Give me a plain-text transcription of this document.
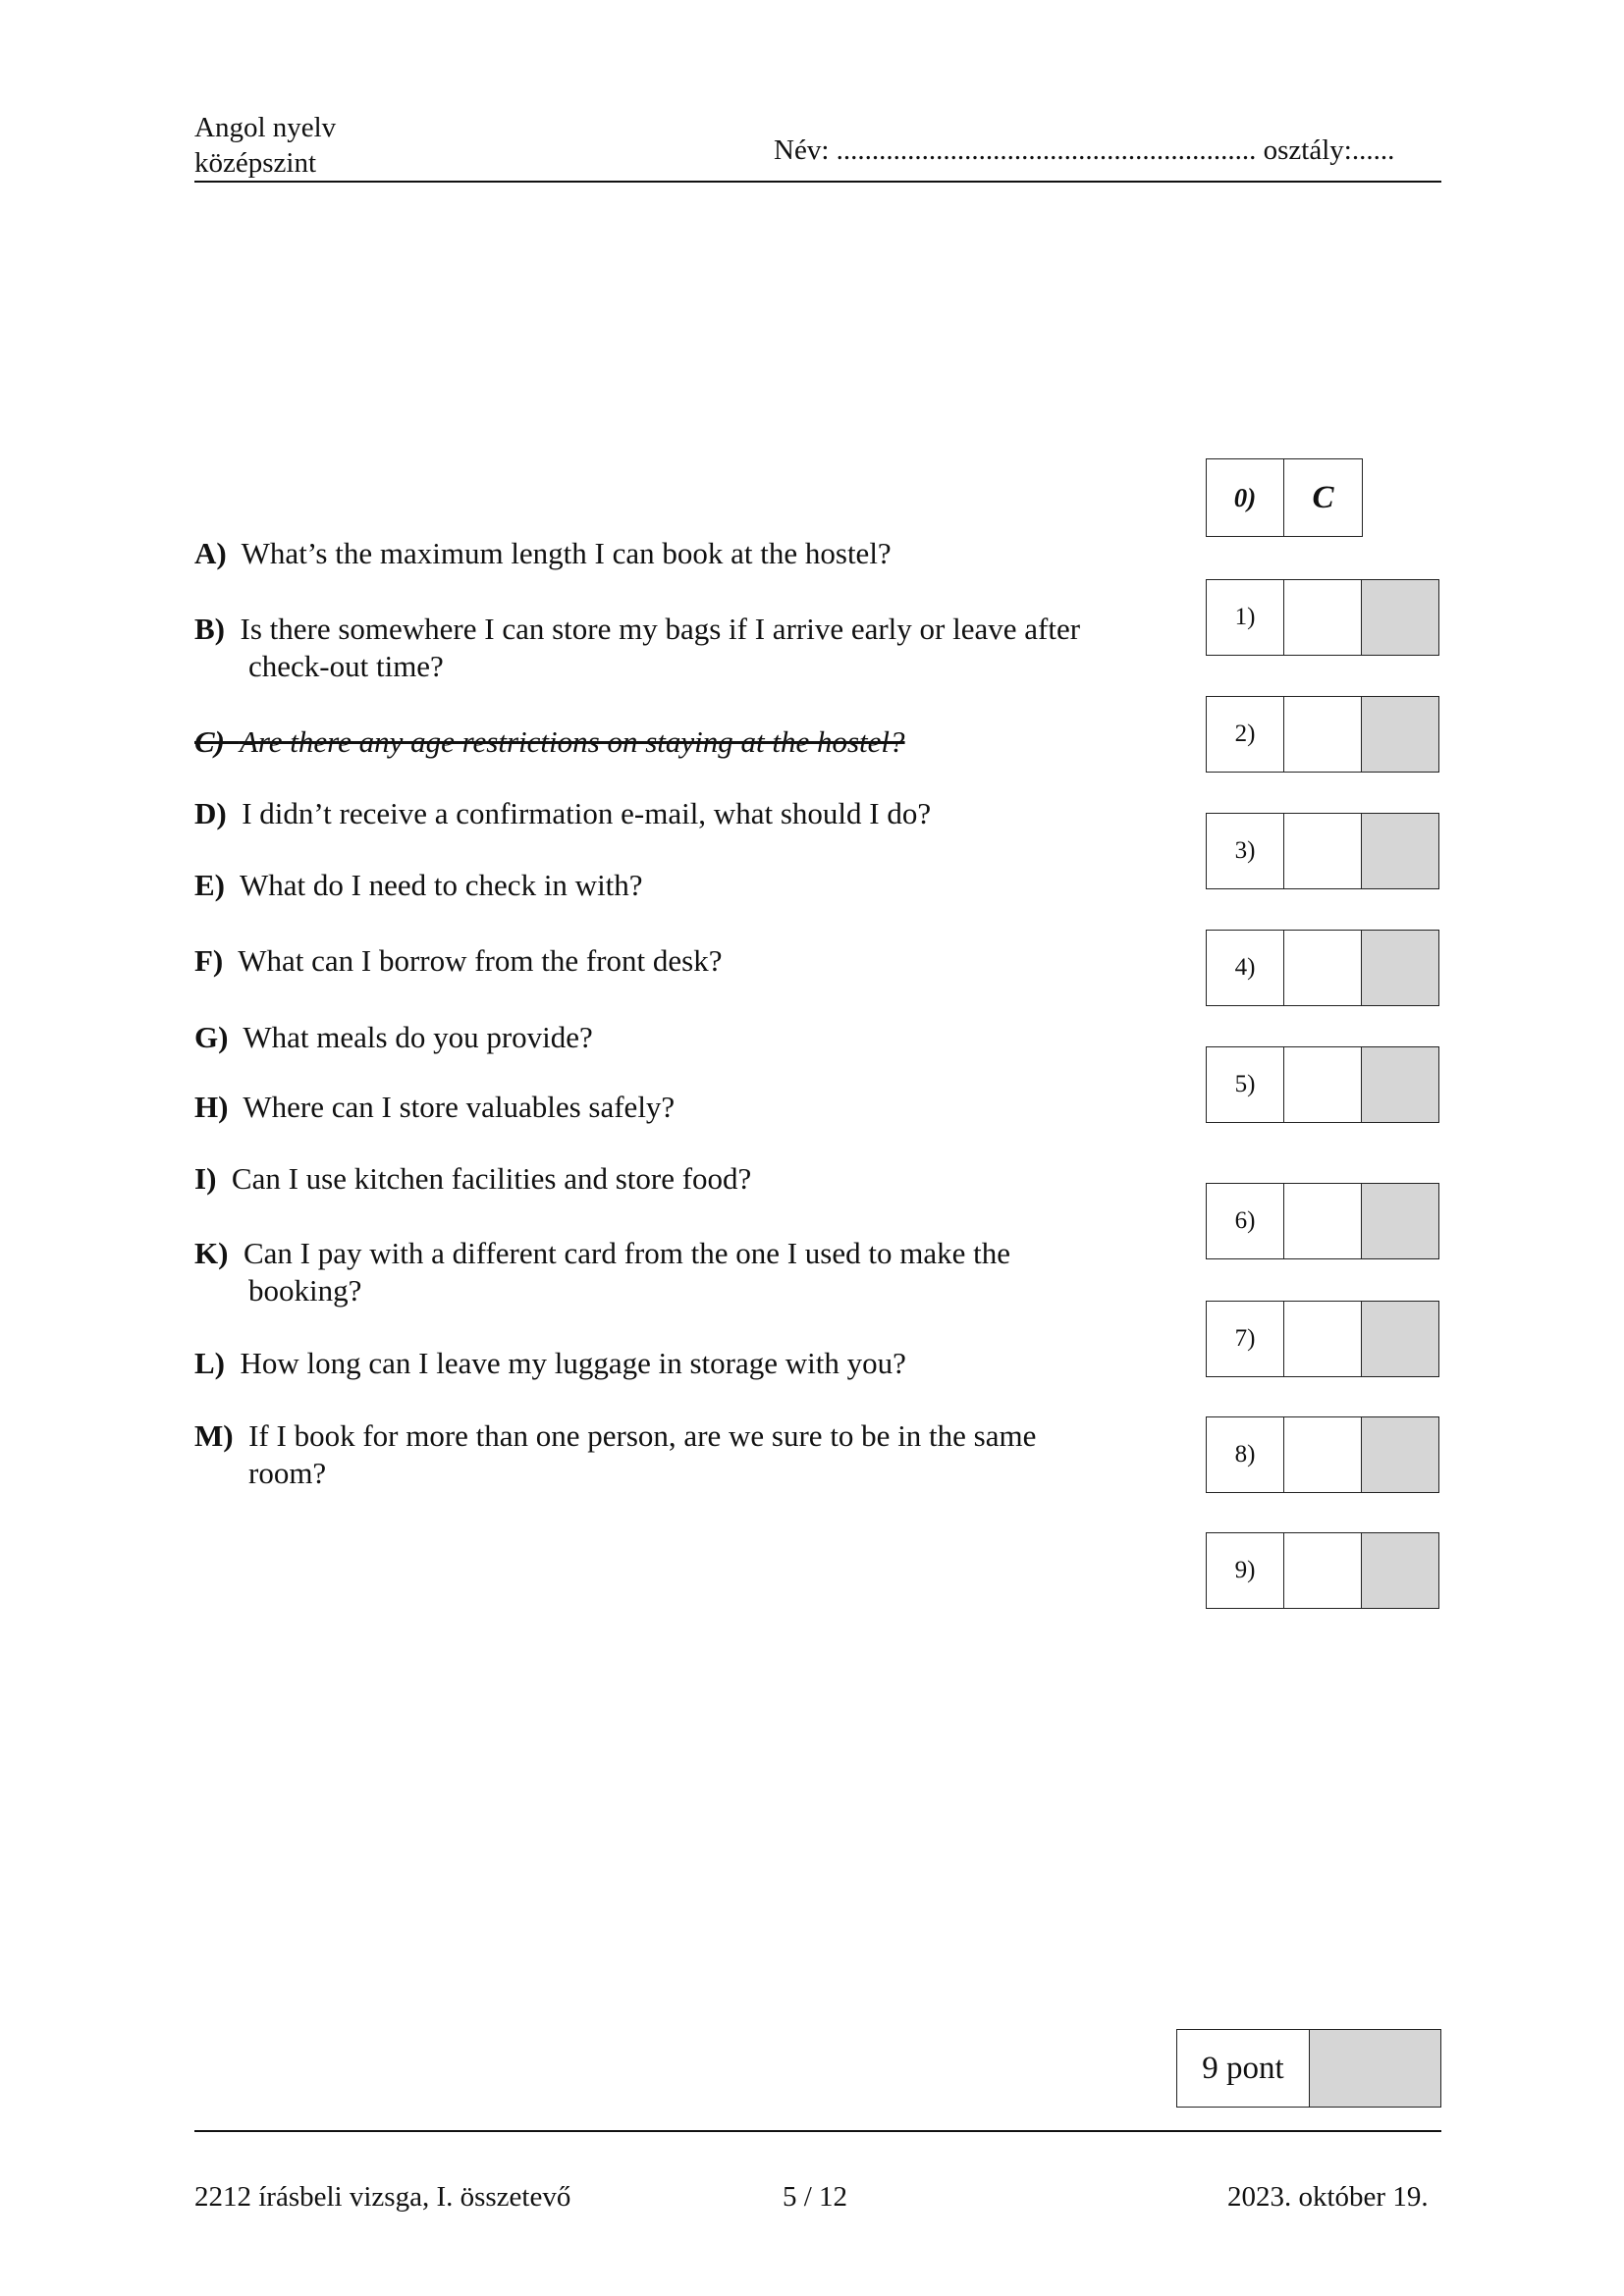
Angol nyelv
középszint	Név: ........................................................... osztály:......
A) What’s the maximum length I can book at the hostel?
B) Is there somewhere I can store my bags if I arrive early or leave after
check-out time?
C) Are there any age restrictions on staying at the hostel?
D) I didn’t receive a confirmation e-mail, what should I do?
E) What do I need to check in with?
F) What can I borrow from the front desk?
G) What meals do you provide?
H) Where can I store valuables safely?
I) Can I use kitchen facilities and store food?
K) Can I pay with a different card from the one I used to make the
booking?
L) How long can I leave my luggage in storage with you?
M) If I book for more than one person, are we sure to be in the same
room?
0)	C
1)
2)
3)
4)
5)
6)
7)
8)
9)
9 pont
2212 írásbeli vizsga, I. összetevő	5 / 12	2023. október 19.
